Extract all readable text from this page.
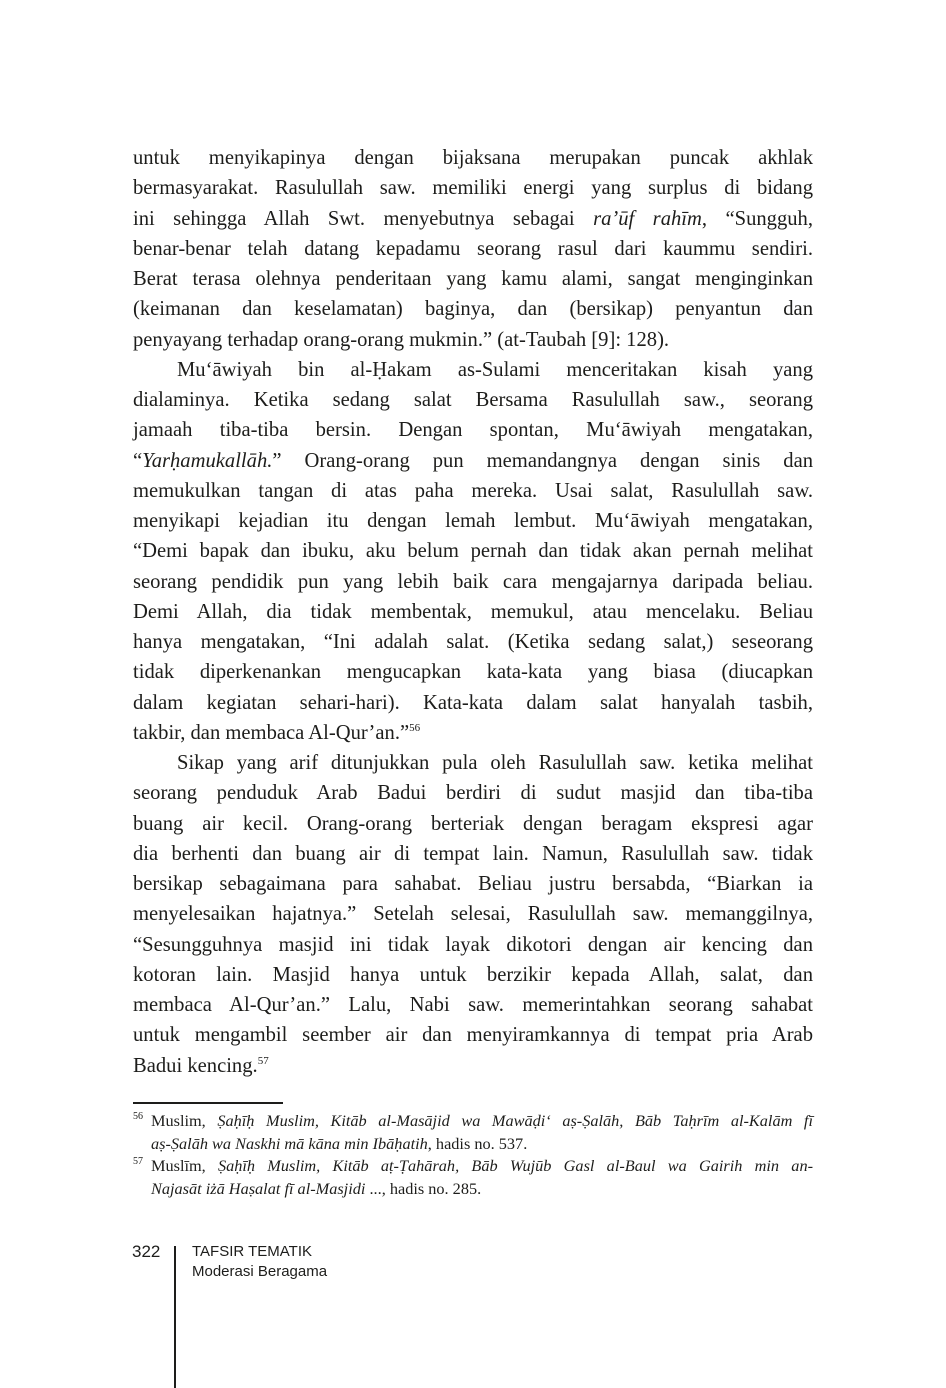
untuk menyikapinya dengan bijaksana merupakan puncak akhlak
bermasyarakat. Rasulullah saw. memiliki energi yang surplus di bidang
ini sehingga Allah Swt. menyebutnya sebagai ra’ūf rahīm, “Sungguh,
benar-benar telah datang kepadamu seorang rasul dari kaummu sendiri.
Berat terasa olehnya penderitaan yang kamu alami, sangat menginginkan
(keimanan dan keselamatan) baginya, dan (bersikap) penyantun dan
penyayang terhadap orang-orang mukmin.” (at-Taubah [9]: 128).
Mu‘āwiyah bin al-Ḥakam as-Sulami menceritakan kisah yang
dialaminya. Ketika sedang salat Bersama Rasulullah saw., seorang
jamaah tiba-tiba bersin. Dengan spontan, Mu‘āwiyah mengatakan,
“Yarḥamukallāh.” Orang-orang pun memandangnya dengan sinis dan
memukulkan tangan di atas paha mereka. Usai salat, Rasulullah saw.
menyikapi kejadian itu dengan lemah lembut. Mu‘āwiyah mengatakan,
“Demi bapak dan ibuku, aku belum pernah dan tidak akan pernah melihat
seorang pendidik pun yang lebih baik cara mengajarnya daripada beliau.
Demi Allah, dia tidak membentak, memukul, atau mencelaku. Beliau
hanya mengatakan, “Ini adalah salat. (Ketika sedang salat,) seseorang
tidak diperkenankan mengucapkan kata-kata yang biasa (diucapkan
dalam kegiatan sehari-hari). Kata-kata dalam salat hanyalah tasbih,
takbir, dan membaca Al-Qur’an.”$^{56}$
Sikap yang arif ditunjukkan pula oleh Rasulullah saw. ketika melihat
seorang penduduk Arab Badui berdiri di sudut masjid dan tiba-tiba
buang air kecil. Orang-orang berteriak dengan beragam ekspresi agar
dia berhenti dan buang air di tempat lain. Namun, Rasulullah saw. tidak
bersikap sebagaimana para sahabat. Beliau justru bersabda, “Biarkan ia
menyelesaikan hajatnya.” Setelah selesai, Rasulullah saw. memanggilnya,
“Sesungguhnya masjid ini tidak layak dikotori dengan air kencing dan
kotoran lain. Masjid hanya untuk berzikir kepada Allah, salat, dan
membaca Al-Qur’an.” Lalu, Nabi saw. memerintahkan seorang sahabat
untuk mengambil seember air dan menyiramkannya di tempat pria Arab
Badui kencing.$^{57}$
56 Muslim, Ṣaḥīḥ Muslim, Kitāb al-Masājid wa Mawāḍi‘ aṣ-Ṣalāh, Bāb Taḥrīm al-Kalām fī
aṣ-Ṣalāh wa Naskhi mā kāna min Ibāḥatih, hadis no. 537.
57 Muslīm, Ṣaḥīḥ Muslim, Kitāb aṭ-Ṭahārah, Bāb Wujūb Gasl al-Baul wa Gairih min an-
Najasāt iżā Haṣalat fī al-Masjidi ..., hadis no. 285.
322 TAFSIR TEMATIK
Moderasi Beragama
